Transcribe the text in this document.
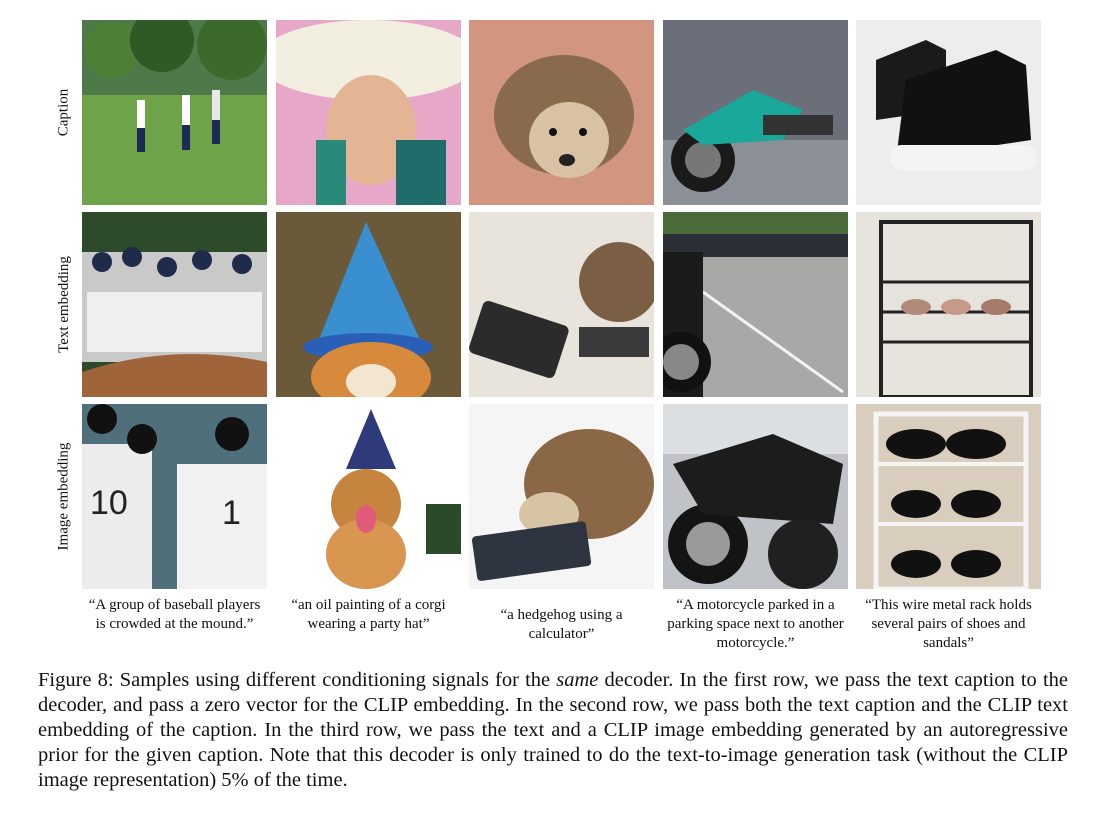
Caption
Text embedding
Image embedding 10	1
“A group of baseball players is crowded at the mound.”
“an oil painting of a corgi wearing a party hat”
“a hedgehog using a calculator”
“A motorcycle parked in a parking space next to another motorcycle.”
“This wire metal rack holds several pairs of shoes and sandals”
Figure 8: Samples using different conditioning signals for the same decoder. In the first row, we pass the text caption to the decoder, and pass a zero vector for the CLIP embedding. In the second row, we pass both the text caption and the CLIP text embedding of the caption. In the third row, we pass the text and a CLIP image embedding generated by an autoregressive prior for the given caption. Note that this decoder is only trained to do the text-to-image generation task (without the CLIP image representation) 5% of the time.
